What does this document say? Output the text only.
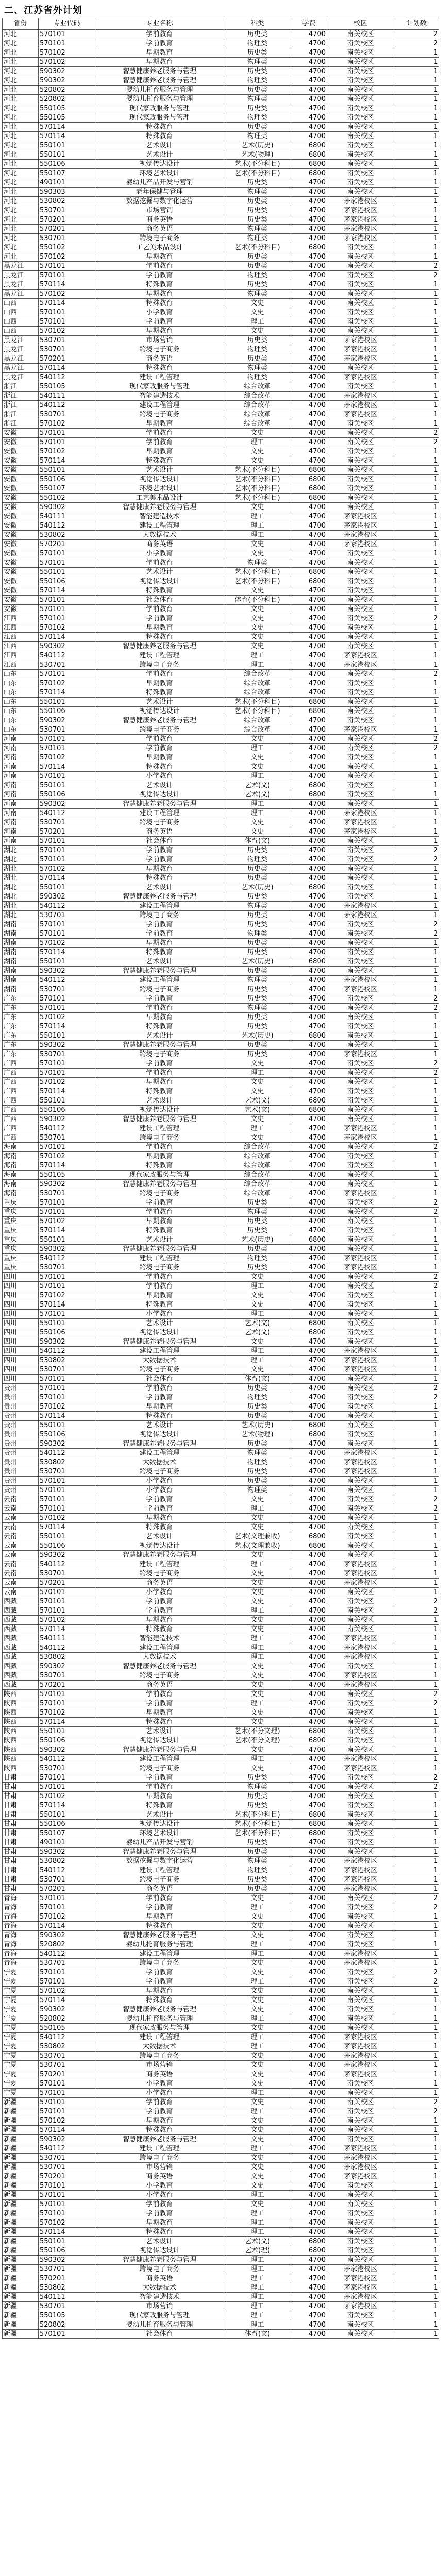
二、江苏省外计划
省份	专业代码	专业名称	科类	学费	校区	计划数
河北	570101	学前教育	历史类	4700	南关校区	2
河北	570101	学前教育	物理类	4700	南关校区	2
河北	570102	早期教育	历史类	4700	南关校区	1
河北	570102	早期教育	物理类	4700	南关校区	1
河北	590302	智慧健康养老服务与管理	历史类	4700	南关校区	1
河北	590302	智慧健康养老服务与管理	物理类	4700	南关校区	1
河北	520802	婴幼儿托育服务与管理	历史类	4700	南关校区	1
河北	520802	婴幼儿托育服务与管理	物理类	4700	南关校区	1
河北	550105	现代家政服务与管理	历史类	4700	南关校区	1
河北	550105	现代家政服务与管理	物理类	4700	南关校区	1
河北	570114	特殊教育	历史类	4700	南关校区	1
河北	570114	特殊教育	物理类	4700	南关校区	1
河北	550101	艺术设计	艺术(历史)	6800	南关校区	1
河北	550101	艺术设计	艺术(物理)	6800	南关校区	1
河北	550106	视觉传达设计	艺术(不分科目)	6800	南关校区	1
河北	550107	环境艺术设计	艺术(不分科目)	6800	南关校区	1
河北	490101	婴幼儿产品开发与营销	历史类	4700	南关校区	1
河北	590303	老年保健与管理	物理类	4700	南关校区	1
河北	530802	数据挖掘与数字化运营	历史类	4700	茅家港校区	1
河北	530701	市场营销	历史类	4700	茅家港校区	1
河北	570201	商务英语	历史类	4700	茅家港校区	1
河北	570201	商务英语	物理类	4700	茅家港校区	1
河北	530701	跨境电子商务	物理类	4700	茅家港校区	1
河北	550102	工艺美术品设计	艺术(不分科目)	6800	南关校区	1
河北	570102	早期教育	历史类	4700	南关校区	1
黑龙江	570101	学前教育	历史类	4700	南关校区	2
黑龙江	570101	学前教育	物理类	4700	南关校区	2
黑龙江	570114	特殊教育	历史类	4700	南关校区	1
黑龙江	570102	早期教育	物理类	4700	南关校区	1
山西	570114	特殊教育	文史	4700	南关校区	1
山西	570101	小学教育	文史	4700	南关校区	1
山西	570101	学前教育	理工	4700	南关校区	1
山西	570102	早期教育	文史	4700	南关校区	1
黑龙江	530701	市场营销	历史类	4700	茅家港校区	1
黑龙江	530701	跨境电子商务	物理类	4700	茅家港校区	1
黑龙江	570201	商务英语	历史类	4700	茅家港校区	1
黑龙江	570114	特殊教育	物理类	4700	南关校区	1
黑龙江	540112	建设工程管理	物理类	4700	茅家港校区	1
浙江	550105	现代家政服务与管理	综合改革	4700	南关校区	1
浙江	540111	智能建造技术	综合改革	4700	茅家港校区	1
浙江	540112	建设工程管理	综合改革	4700	茅家港校区	1
浙江	530701	跨境电子商务	综合改革	4700	茅家港校区	1
浙江	570102	早期教育	综合改革	4700	南关校区	1
安徽	570101	学前教育	文史	4700	南关校区	2
安徽	570101	学前教育	理工	4700	南关校区	2
安徽	570102	早期教育	文史	4700	南关校区	1
安徽	570114	特殊教育	文史	4700	南关校区	1
安徽	550101	艺术设计	艺术(不分科目)	6800	南关校区	1
安徽	550106	视觉传达设计	艺术(不分科目)	6800	南关校区	1
安徽	550107	环境艺术设计	艺术(不分科目)	6800	南关校区	1
安徽	550102	工艺美术品设计	艺术(不分科目)	6800	南关校区	1
安徽	590302	智慧健康养老服务与管理	文史	4700	南关校区	1
安徽	540111	智能建造技术	理工	4700	茅家港校区	1
安徽	540112	建设工程管理	理工	4700	茅家港校区	1
安徽	530802	大数据技术	理工	4700	茅家港校区	1
安徽	570201	商务英语	文史	4700	茅家港校区	1
安徽	570101	小学教育	文史	4700	南关校区	1
安徽	570101	学前教育	物理类	4700	南关校区	1
安徽	550101	艺术设计	艺术(不分科目)	6800	南关校区	1
安徽	550106	视觉传达设计	艺术(不分科目)	6800	南关校区	1
安徽	570114	特殊教育	文史	4700	南关校区	1
安徽	570101	社会体育	体育(不分科目)	4700	南关校区	1
安徽	570101	学前教育	文史	4700	南关校区	1
江西	570101	学前教育	文史	4700	南关校区	2
江西	570102	早期教育	文史	4700	南关校区	1
江西	570114	特殊教育	文史	4700	南关校区	1
江西	590302	智慧健康养老服务与管理	文史	4700	南关校区	1
江西	540112	建设工程管理	理工	4700	茅家港校区	1
江西	530701	跨境电子商务	理工	4700	茅家港校区	1
山东	570101	学前教育	综合改革	4700	南关校区	2
山东	570102	早期教育	综合改革	4700	南关校区	1
山东	570114	特殊教育	综合改革	4700	南关校区	1
山东	550101	艺术设计	艺术(不分科目)	6800	南关校区	1
山东	550106	视觉传达设计	艺术(不分科目)	6800	南关校区	1
山东	590302	智慧健康养老服务与管理	综合改革	4700	南关校区	1
山东	530701	跨境电子商务	综合改革	4700	茅家港校区	1
河南	570101	学前教育	文史	4700	南关校区	2
河南	570101	学前教育	理工	4700	南关校区	2
河南	570102	早期教育	文史	4700	南关校区	1
河南	570114	特殊教育	文史	4700	南关校区	1
河南	570101	小学教育	理工	4700	南关校区	1
河南	550101	艺术设计	艺术(文)	6800	南关校区	1
河南	550106	视觉传达设计	艺术(文)	6800	南关校区	1
河南	590302	智慧健康养老服务与管理	理工	4700	南关校区	1
河南	540112	建设工程管理	理工	4700	茅家港校区	1
河南	530701	跨境电子商务	文史	4700	茅家港校区	1
河南	570201	商务英语	文史	4700	茅家港校区	1
河南	570101	社会体育	体育(文)	4700	南关校区	1
湖北	570101	学前教育	历史类	4700	南关校区	2
湖北	570101	学前教育	物理类	4700	南关校区	2
湖北	570102	早期教育	历史类	4700	南关校区	1
湖北	570114	特殊教育	历史类	4700	南关校区	1
湖北	550101	艺术设计	艺术(历史)	6800	南关校区	1
湖北	590302	智慧健康养老服务与管理	历史类	4700	南关校区	1
湖北	540112	建设工程管理	物理类	4700	茅家港校区	1
湖北	530701	跨境电子商务	历史类	4700	茅家港校区	1
湖南	570101	学前教育	历史类	4700	南关校区	2
湖南	570101	学前教育	物理类	4700	南关校区	2
湖南	570102	早期教育	历史类	4700	南关校区	1
湖南	570114	特殊教育	历史类	4700	南关校区	1
湖南	550101	艺术设计	艺术(历史)	6800	南关校区	1
湖南	590302	智慧健康养老服务与管理	历史类	4700	南关校区	1
湖南	540112	建设工程管理	物理类	4700	茅家港校区	1
湖南	530701	跨境电子商务	历史类	4700	茅家港校区	1
广东	570101	学前教育	历史类	4700	南关校区	2
广东	570101	学前教育	物理类	4700	南关校区	2
广东	570102	早期教育	历史类	4700	南关校区	1
广东	570114	特殊教育	历史类	4700	南关校区	1
广东	550101	艺术设计	艺术(历史)	6800	南关校区	1
广东	590302	智慧健康养老服务与管理	历史类	4700	南关校区	1
广东	530701	跨境电子商务	历史类	4700	茅家港校区	1
广西	570101	学前教育	文史	4700	南关校区	2
广西	570101	学前教育	理工	4700	南关校区	2
广西	570102	早期教育	文史	4700	南关校区	1
广西	570114	特殊教育	文史	4700	南关校区	1
广西	550101	艺术设计	艺术(文)	6800	南关校区	1
广西	550106	视觉传达设计	艺术(文)	6800	南关校区	1
广西	590302	智慧健康养老服务与管理	文史	4700	南关校区	1
广西	540112	建设工程管理	理工	4700	茅家港校区	1
广西	530701	跨境电子商务	文史	4700	茅家港校区	1
海南	570101	学前教育	综合改革	4700	南关校区	2
海南	570102	早期教育	综合改革	4700	南关校区	1
海南	570114	特殊教育	综合改革	4700	南关校区	1
海南	550105	现代家政服务与管理	综合改革	4700	南关校区	1
海南	590302	智慧健康养老服务与管理	综合改革	4700	南关校区	1
海南	530701	跨境电子商务	综合改革	4700	茅家港校区	1
重庆	570101	学前教育	历史类	4700	南关校区	2
重庆	570101	学前教育	物理类	4700	南关校区	2
重庆	570102	早期教育	历史类	4700	南关校区	1
重庆	570114	特殊教育	历史类	4700	南关校区	1
重庆	550101	艺术设计	艺术(历史)	6800	南关校区	1
重庆	590302	智慧健康养老服务与管理	历史类	4700	南关校区	1
重庆	540112	建设工程管理	物理类	4700	茅家港校区	1
重庆	530701	跨境电子商务	历史类	4700	茅家港校区	1
四川	570101	学前教育	文史	4700	南关校区	2
四川	570101	学前教育	理工	4700	南关校区	2
四川	570102	早期教育	文史	4700	南关校区	1
四川	570114	特殊教育	文史	4700	南关校区	1
四川	570101	小学教育	理工	4700	南关校区	1
四川	550101	艺术设计	艺术(文)	6800	南关校区	1
四川	550106	视觉传达设计	艺术(文)	6800	南关校区	1
四川	590302	智慧健康养老服务与管理	文史	4700	南关校区	1
四川	540112	建设工程管理	理工	4700	茅家港校区	1
四川	530802	大数据技术	理工	4700	茅家港校区	1
四川	530701	跨境电子商务	文史	4700	茅家港校区	1
四川	570101	社会体育	体育(文)	4700	南关校区	1
贵州	570101	学前教育	历史类	4700	南关校区	2
贵州	570101	学前教育	物理类	4700	南关校区	2
贵州	570102	早期教育	历史类	4700	南关校区	1
贵州	570114	特殊教育	历史类	4700	南关校区	1
贵州	550101	艺术设计	艺术(历史)	6800	南关校区	1
贵州	550106	视觉传达设计	艺术(物理)	6800	南关校区	1
贵州	590302	智慧健康养老服务与管理	历史类	4700	南关校区	1
贵州	540112	建设工程管理	物理类	4700	茅家港校区	1
贵州	530802	大数据技术	物理类	4700	茅家港校区	1
贵州	530701	跨境电子商务	历史类	4700	茅家港校区	1
贵州	570101	小学教育	历史类	4700	南关校区	1
贵州	570101	小学教育	物理类	4700	南关校区	1
云南	570101	学前教育	文史	4700	南关校区	2
云南	570101	学前教育	理工	4700	南关校区	2
云南	570102	早期教育	文史	4700	南关校区	1
云南	570114	特殊教育	文史	4700	南关校区	1
云南	550101	艺术设计	艺术(文理兼收)	6800	南关校区	1
云南	550106	视觉传达设计	艺术(文理兼收)	6800	南关校区	1
云南	590302	智慧健康养老服务与管理	文史	4700	南关校区	1
云南	540112	建设工程管理	理工	4700	茅家港校区	1
云南	530701	跨境电子商务	文史	4700	茅家港校区	1
云南	570201	商务英语	文史	4700	茅家港校区	1
云南	570101	小学教育	文史	4700	南关校区	1
西藏	570101	学前教育	文史	4700	南关校区	2
西藏	570101	学前教育	理工	4700	南关校区	2
西藏	570102	早期教育	文史	4700	南关校区	1
西藏	570114	特殊教育	文史	4700	南关校区	1
西藏	540111	智能建造技术	理工	4700	茅家港校区	1
西藏	540112	建设工程管理	理工	4700	茅家港校区	1
西藏	530802	大数据技术	理工	4700	茅家港校区	1
西藏	590302	智慧健康养老服务与管理	文史	4700	南关校区	1
西藏	530701	跨境电子商务	文史	4700	茅家港校区	1
西藏	570201	商务英语	文史	4700	茅家港校区	1
陕西	570101	学前教育	文史	4700	南关校区	2
陕西	570101	学前教育	理工	4700	南关校区	2
陕西	570102	早期教育	文史	4700	南关校区	1
陕西	570114	特殊教育	文史	4700	南关校区	1
陕西	550101	艺术设计	艺术(不分文理)	6800	南关校区	1
陕西	550106	视觉传达设计	艺术(不分文理)	6800	南关校区	1
陕西	590302	智慧健康养老服务与管理	文史	4700	南关校区	1
陕西	540112	建设工程管理	理工	4700	茅家港校区	1
陕西	530701	跨境电子商务	文史	4700	茅家港校区	1
甘肃	570101	学前教育	历史类	4700	南关校区	2
甘肃	570101	学前教育	物理类	4700	南关校区	2
甘肃	570102	早期教育	历史类	4700	南关校区	1
甘肃	570114	特殊教育	历史类	4700	南关校区	1
甘肃	550101	艺术设计	艺术(不分科目)	6800	南关校区	1
甘肃	550106	视觉传达设计	艺术(不分科目)	6800	南关校区	1
甘肃	550107	环境艺术设计	艺术(不分科目)	6800	南关校区	1
甘肃	490101	婴幼儿产品开发与营销	历史类	4700	南关校区	1
甘肃	590302	智慧健康养老服务与管理	历史类	4700	南关校区	1
甘肃	530802	数据挖掘与数字化运营	物理类	4700	茅家港校区	1
甘肃	540112	建设工程管理	物理类	4700	茅家港校区	1
甘肃	530701	跨境电子商务	历史类	4700	茅家港校区	1
甘肃	570201	商务英语	历史类	4700	茅家港校区	1
青海	570101	学前教育	文史	4700	南关校区	2
青海	570101	学前教育	理工	4700	南关校区	2
青海	570102	早期教育	文史	4700	南关校区	1
青海	570114	特殊教育	文史	4700	南关校区	1
青海	590302	智慧健康养老服务与管理	文史	4700	南关校区	1
青海	520802	婴幼儿托育服务与管理	理工	4700	南关校区	1
青海	540112	建设工程管理	理工	4700	茅家港校区	1
青海	530701	跨境电子商务	文史	4700	茅家港校区	1
宁夏	570101	学前教育	文史	4700	南关校区	2
宁夏	570101	学前教育	理工	4700	南关校区	2
宁夏	570102	早期教育	文史	4700	南关校区	1
宁夏	570114	特殊教育	文史	4700	南关校区	1
宁夏	590302	智慧健康养老服务与管理	文史	4700	南关校区	1
宁夏	520802	婴幼儿托育服务与管理	理工	4700	南关校区	1
宁夏	550105	现代家政服务与管理	文史	4700	南关校区	1
宁夏	540112	建设工程管理	理工	4700	茅家港校区	1
宁夏	530802	大数据技术	理工	4700	茅家港校区	1
宁夏	530701	跨境电子商务	文史	4700	茅家港校区	1
宁夏	530701	市场营销	文史	4700	茅家港校区	1
宁夏	570201	商务英语	文史	4700	茅家港校区	1
宁夏	570101	小学教育	文史	4700	南关校区	1
宁夏	570101	小学教育	理工	4700	南关校区	1
新疆	570101	学前教育	文史	4700	南关校区	2
新疆	570101	学前教育	理工	4700	南关校区	2
新疆	570102	早期教育	文史	4700	南关校区	1
新疆	570114	特殊教育	文史	4700	南关校区	1
新疆	590302	智慧健康养老服务与管理	文史	4700	南关校区	1
新疆	540112	建设工程管理	理工	4700	茅家港校区	1
新疆	530701	跨境电子商务	文史	4700	茅家港校区	1
新疆	530701	市场营销	文史	4700	茅家港校区	1
新疆	570201	商务英语	文史	4700	茅家港校区	1
新疆	570101	小学教育	文史	4700	南关校区	1
新疆	570101	小学教育	理工	4700	南关校区	1
新疆	570101	学前教育	文史	4700	南关校区	1
新疆	570101	学前教育	理工	4700	南关校区	1
新疆	570102	早期教育	理工	4700	南关校区	1
新疆	570114	特殊教育	理工	4700	南关校区	1
新疆	550101	艺术设计	艺术(文)	6800	南关校区	1
新疆	550106	视觉传达设计	艺术(理)	6800	南关校区	1
新疆	590302	智慧健康养老服务与管理	理工	4700	南关校区	1
新疆	530701	跨境电子商务	理工	4700	茅家港校区	1
新疆	570201	商务英语	理工	4700	茅家港校区	1
新疆	530802	大数据技术	理工	4700	茅家港校区	1
新疆	540111	智能建造技术	理工	4700	茅家港校区	1
新疆	530701	市场营销	理工	4700	茅家港校区	1
新疆	550105	现代家政服务与管理	理工	4700	南关校区	1
新疆	520802	婴幼儿托育服务与管理	理工	4700	南关校区	1
新疆	570101	社会体育	体育(文)	4700	南关校区	1
